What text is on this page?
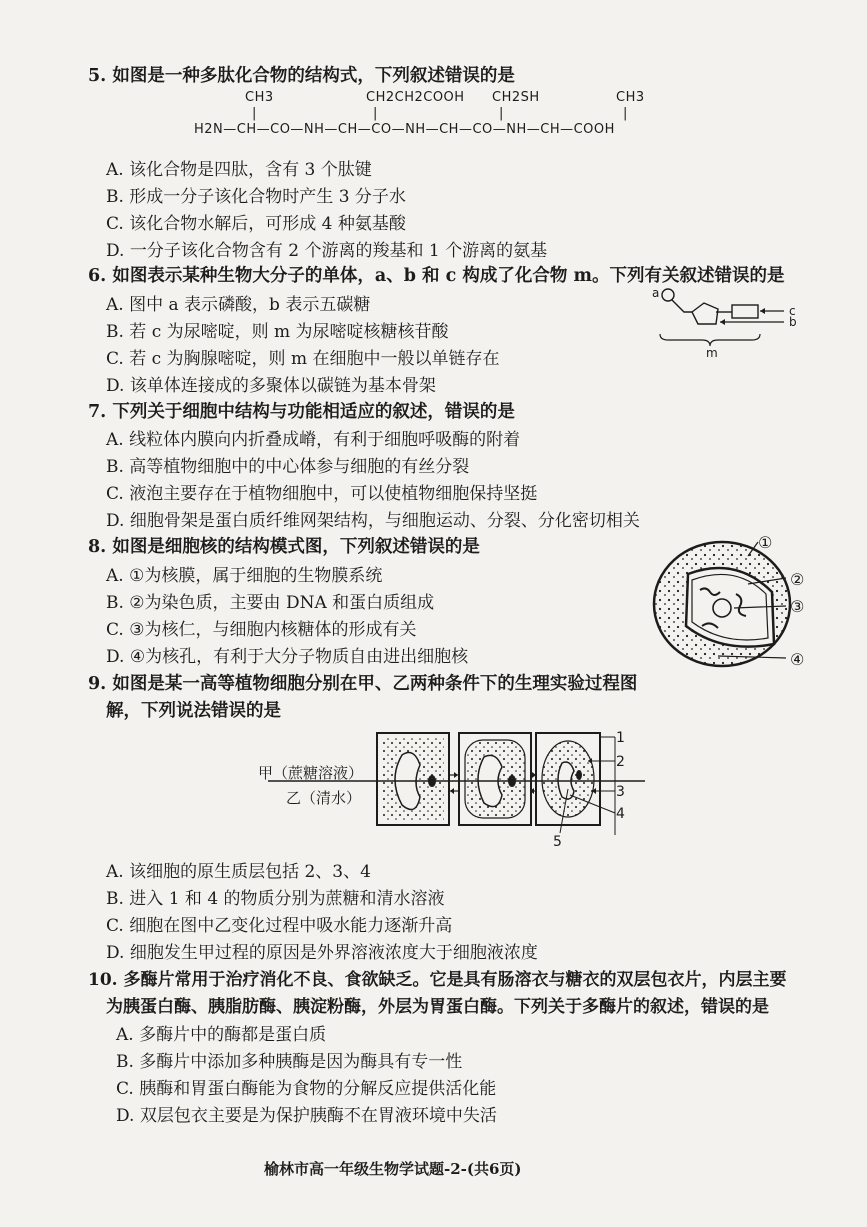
5. 如图是一种多肽化合物的结构式，下列叙述错误的是
CH3	CH2CH2COOH CH2SH	CH3
|	|	|	|
H2N—CH—CO—NH—CH—CO—NH—CH—CO—NH—CH—COOH
A. 该化合物是四肽，含有 3 个肽键
B. 形成一分子该化合物时产生 3 分子水
C. 该化合物水解后，可形成 4 种氨基酸
D. 一分子该化合物含有 2 个游离的羧基和 1 个游离的氨基
6. 如图表示某种生物大分子的单体，a、b 和 c 构成了化合物 m。下列有关叙述错误的是
A. 图中 a 表示磷酸，b 表示五碳糖
B. 若 c 为尿嘧啶，则 m 为尿嘧啶核糖核苷酸
C. 若 c 为胸腺嘧啶，则 m 在细胞中一般以单链存在
D. 该单体连接成的多聚体以碳链为基本骨架
a
c
b
m
7. 下列关于细胞中结构与功能相适应的叙述，错误的是
A. 线粒体内膜向内折叠成嵴，有利于细胞呼吸酶的附着
B. 高等植物细胞中的中心体参与细胞的有丝分裂
C. 液泡主要存在于植物细胞中，可以使植物细胞保持坚挺
D. 细胞骨架是蛋白质纤维网架结构，与细胞运动、分裂、分化密切相关
8. 如图是细胞核的结构模式图，下列叙述错误的是
A. ①为核膜，属于细胞的生物膜系统
B. ②为染色质，主要由 DNA 和蛋白质组成
C. ③为核仁，与细胞内核糖体的形成有关
D. ④为核孔，有利于大分子物质自由进出细胞核
①
②
③
④
9. 如图是某一高等植物细胞分别在甲、乙两种条件下的生理实验过程图
解，下列说法错误的是
甲（蔗糖溶液）
乙（清水）
1
2
3
4
5
A. 该细胞的原生质层包括 2、3、4
B. 进入 1 和 4 的物质分别为蔗糖和清水溶液
C. 细胞在图中乙变化过程中吸水能力逐渐升高
D. 细胞发生甲过程的原因是外界溶液浓度大于细胞液浓度
10. 多酶片常用于治疗消化不良、食欲缺乏。它是具有肠溶衣与糖衣的双层包衣片，内层主要
为胰蛋白酶、胰脂肪酶、胰淀粉酶，外层为胃蛋白酶。下列关于多酶片的叙述，错误的是
A. 多酶片中的酶都是蛋白质
B. 多酶片中添加多种胰酶是因为酶具有专一性
C. 胰酶和胃蛋白酶能为食物的分解反应提供活化能
D. 双层包衣主要是为保护胰酶不在胃液环境中失活
榆林市高一年级生物学试题-2-(共6页)
